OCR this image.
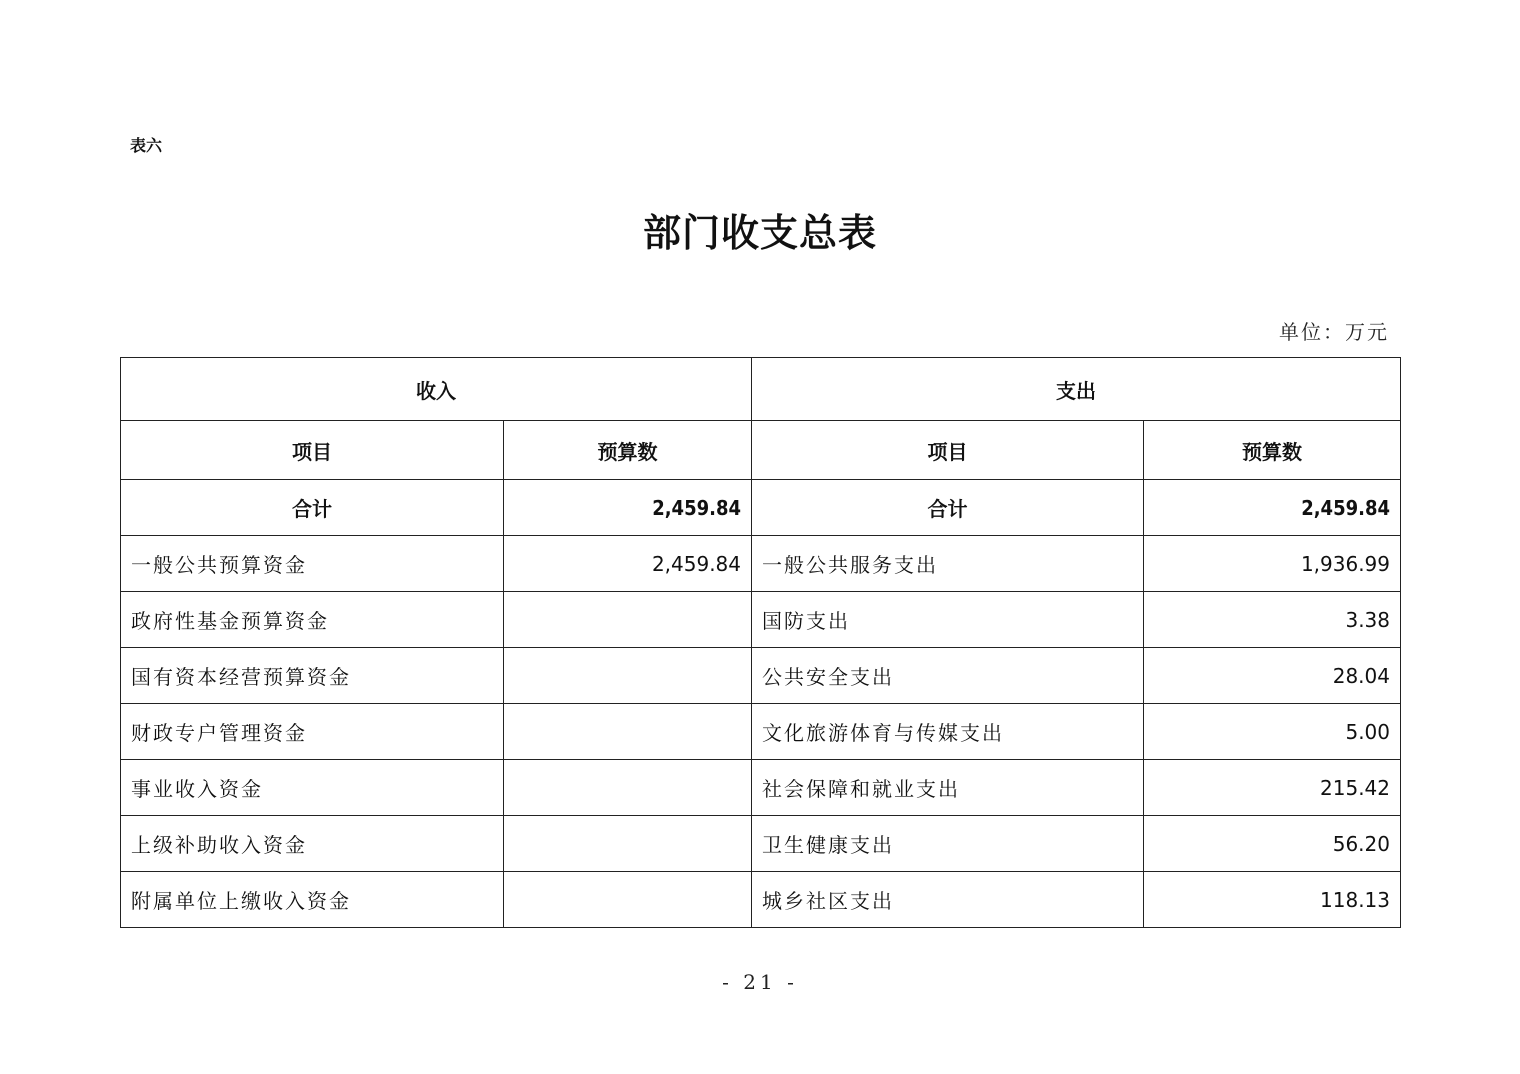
表六
部门收支总表
单位：万元
收入		支出	
项目	预算数	项目	预算数
合计	2,459.84	合计	2,459.84
一般公共预算资金	2,459.84	一般公共服务支出	1,936.99
政府性基金预算资金		国防支出	3.38
国有资本经营预算资金		公共安全支出	28.04
财政专户管理资金		文化旅游体育与传媒支出	5.00
事业收入资金		社会保障和就业支出	215.42
上级补助收入资金		卫生健康支出	56.20
附属单位上缴收入资金		城乡社区支出	118.13
- 21 -
